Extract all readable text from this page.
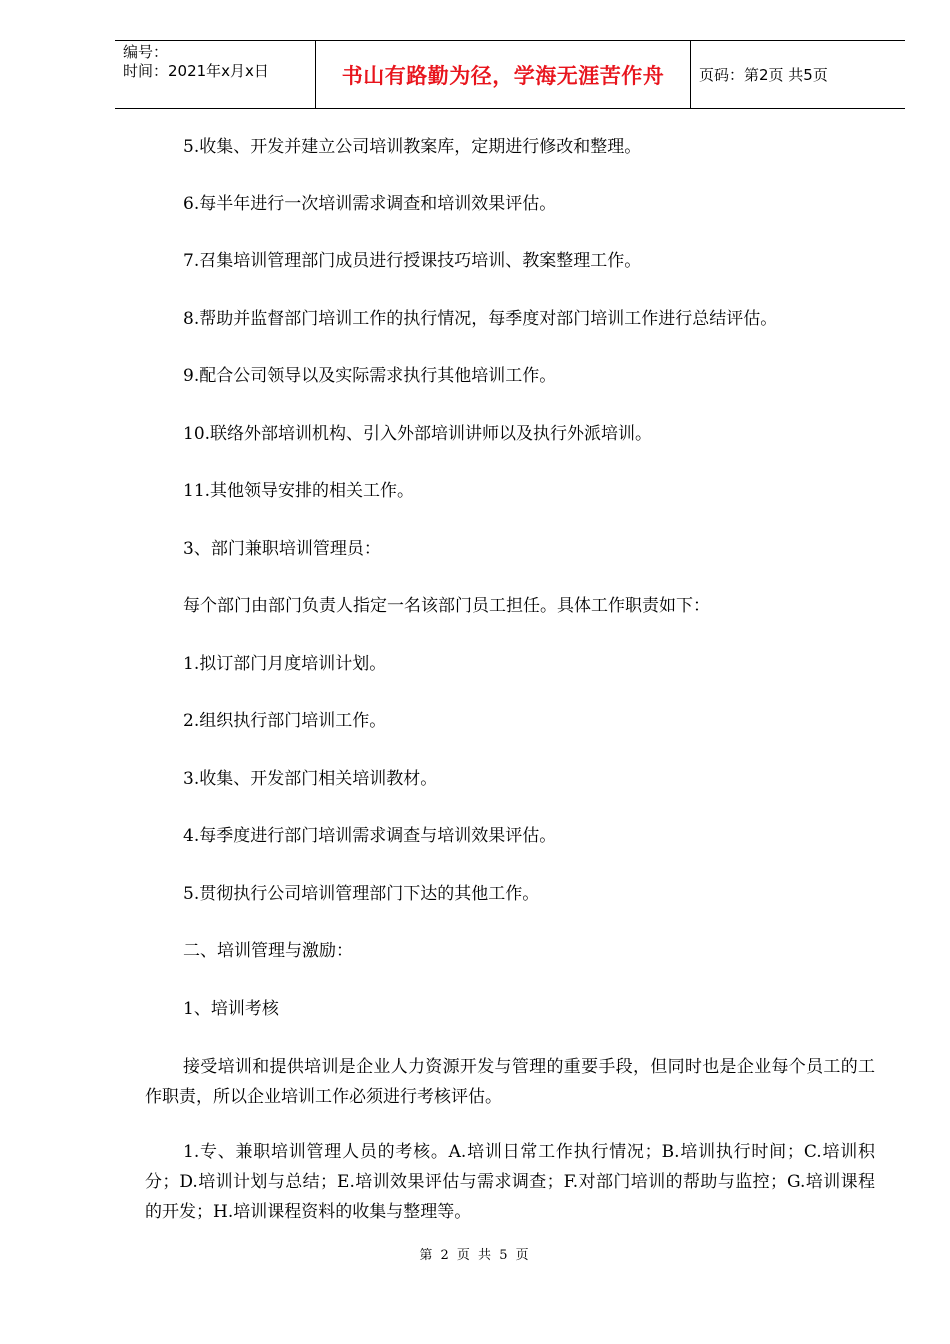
编号：
时间：2021年x月x日	书山有路勤为径，学海无涯苦作舟	页码：第2页 共5页
5.收集、开发并建立公司培训教案库，定期进行修改和整理。
6.每半年进行一次培训需求调查和培训效果评估。
7.召集培训管理部门成员进行授课技巧培训、教案整理工作。
8.帮助并监督部门培训工作的执行情况，每季度对部门培训工作进行总结评估。
9.配合公司领导以及实际需求执行其他培训工作。
10.联络外部培训机构、引入外部培训讲师以及执行外派培训。
11.其他领导安排的相关工作。
3、部门兼职培训管理员：
每个部门由部门负责人指定一名该部门员工担任。具体工作职责如下：
1.拟订部门月度培训计划。
2.组织执行部门培训工作。
3.收集、开发部门相关培训教材。
4.每季度进行部门培训需求调查与培训效果评估。
5.贯彻执行公司培训管理部门下达的其他工作。
二、培训管理与激励：
1、培训考核
接受培训和提供培训是企业人力资源开发与管理的重要手段，但同时也是企业每个员工的工作职责，所以企业培训工作必须进行考核评估。
1.专、兼职培训管理人员的考核。A.培训日常工作执行情况；B.培训执行时间；C.培训积分；D.培训计划与总结；E.培训效果评估与需求调查；F.对部门培训的帮助与监控；G.培训课程的开发；H.培训课程资料的收集与整理等。
第 2 页 共 5 页
